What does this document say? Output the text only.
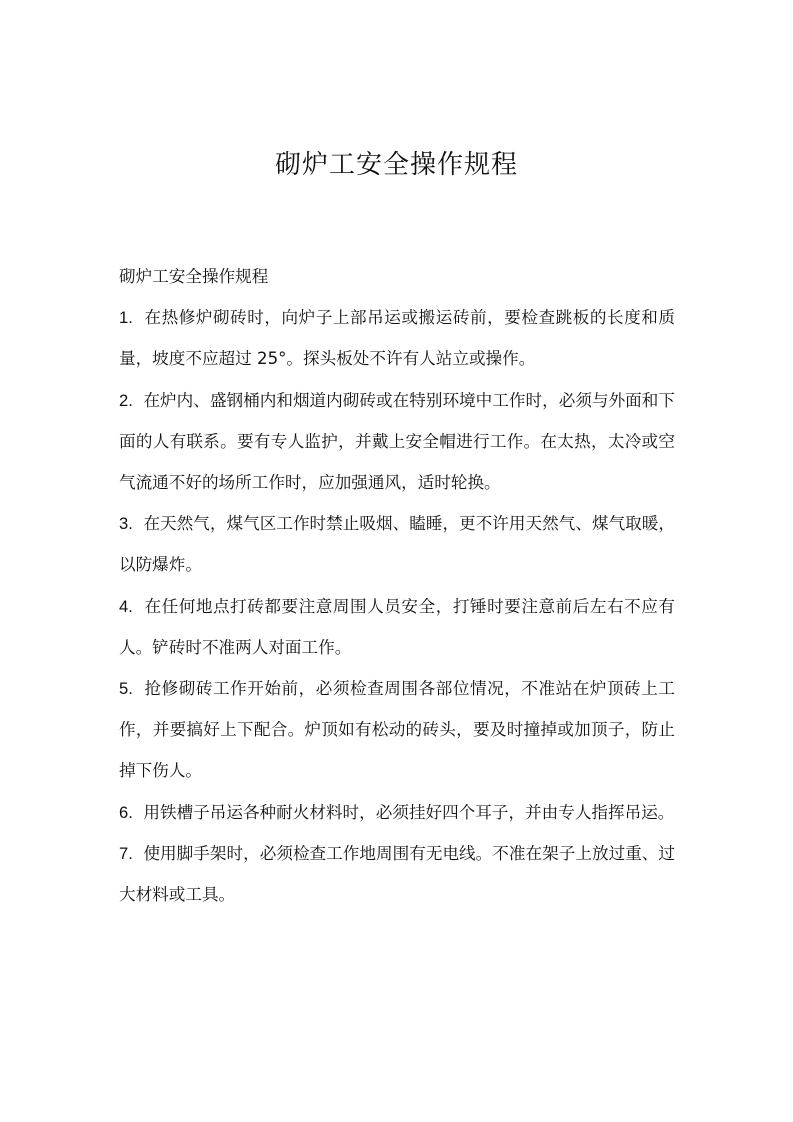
砌炉工安全操作规程

砌炉工安全操作规程

1. 在热修炉砌砖时，向炉子上部吊运或搬运砖前，要检查跳板的长度和质量，坡度不应超过 25°。探头板处不许有人站立或操作。

2. 在炉内、盛钢桶内和烟道内砌砖或在特别环境中工作时，必须与外面和下面的人有联系。要有专人监护，并戴上安全帽进行工作。在太热，太冷或空气流通不好的场所工作时，应加强通风，适时轮换。

3. 在天然气，煤气区工作时禁止吸烟、瞌睡，更不许用天然气、煤气取暖，以防爆炸。

4. 在任何地点打砖都要注意周围人员安全，打锤时要注意前后左右不应有人。铲砖时不准两人对面工作。

5. 抢修砌砖工作开始前，必须检查周围各部位情况，不准站在炉顶砖上工作，并要搞好上下配合。炉顶如有松动的砖头，要及时撞掉或加顶子，防止掉下伤人。

6. 用铁槽子吊运各种耐火材料时，必须挂好四个耳子，并由专人指挥吊运。

7. 使用脚手架时，必须检查工作地周围有无电线。不准在架子上放过重、过大材料或工具。
